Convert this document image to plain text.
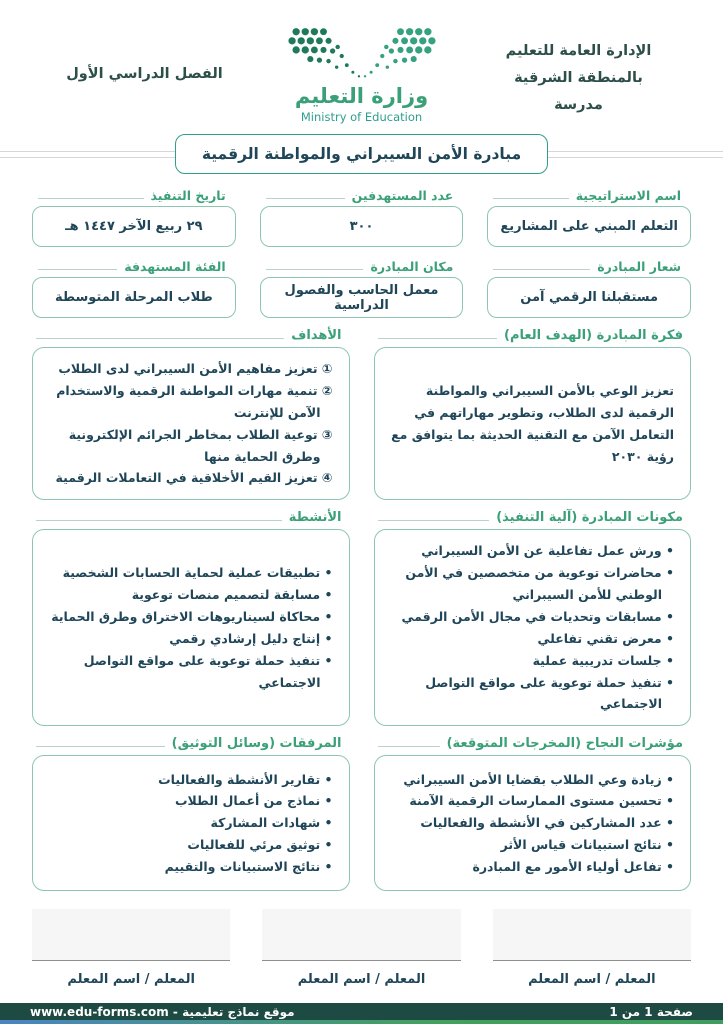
الإدارة العامة للتعليم
بالمنطقة الشرقية
مدرسة
وزارة التعليم
Ministry of Education
الفصل الدراسي الأول
مبادرة الأمن السيبراني والمواطنة الرقمية
اسم الاستراتيجية
التعلم المبني على المشاريع
عدد المستهدفين
٣٠٠
تاريخ التنفيذ
٢٩ ربيع الآخر ١٤٤٧ هـ
شعار المبادرة
مستقبلنا الرقمي آمن
مكان المبادرة
معمل الحاسب والفصول الدراسية
الفئة المستهدفة
طلاب المرحلة المتوسطة
فكرة المبادرة (الهدف العام)
تعزيز الوعي بالأمن السيبراني والمواطنة الرقمية لدى الطلاب، وتطوير مهاراتهم في التعامل الآمن مع التقنية الحديثة بما يتوافق مع رؤية ٢٠٣٠
الأهداف
① تعزيز مفاهيم الأمن السيبراني لدى الطلاب
② تنمية مهارات المواطنة الرقمية والاستخدام الآمن للإنترنت
③ توعية الطلاب بمخاطر الجرائم الإلكترونية وطرق الحماية منها
④ تعزيز القيم الأخلاقية في التعاملات الرقمية
مكونات المبادرة (آلية التنفيذ)
• ورش عمل تفاعلية عن الأمن السيبراني
• محاضرات توعوية من متخصصين في الأمن الوطني للأمن السيبراني
• مسابقات وتحديات في مجال الأمن الرقمي
• معرض تقني تفاعلي
• جلسات تدريبية عملية
• تنفيذ حملة توعوية على مواقع التواصل الاجتماعي
الأنشطة
• تطبيقات عملية لحماية الحسابات الشخصية
• مسابقة لتصميم منصات توعوية
• محاكاة لسيناريوهات الاختراق وطرق الحماية
• إنتاج دليل إرشادي رقمي
• تنفيذ حملة توعوية على مواقع التواصل الاجتماعي
مؤشرات النجاح (المخرجات المتوقعة)
• زيادة وعي الطلاب بقضايا الأمن السيبراني
• تحسين مستوى الممارسات الرقمية الآمنة
• عدد المشاركين في الأنشطة والفعاليات
• نتائج استبيانات قياس الأثر
• تفاعل أولياء الأمور مع المبادرة
المرفقات (وسائل التوثيق)
• تقارير الأنشطة والفعاليات
• نماذج من أعمال الطلاب
• شهادات المشاركة
• توثيق مرئي للفعاليات
• نتائج الاستبيانات والتقييم
المعلم / اسم المعلم
المعلم / اسم المعلم
المعلم / اسم المعلم
صفحة 1 من 1
موقع نماذج تعليمية - www.edu-forms.com
